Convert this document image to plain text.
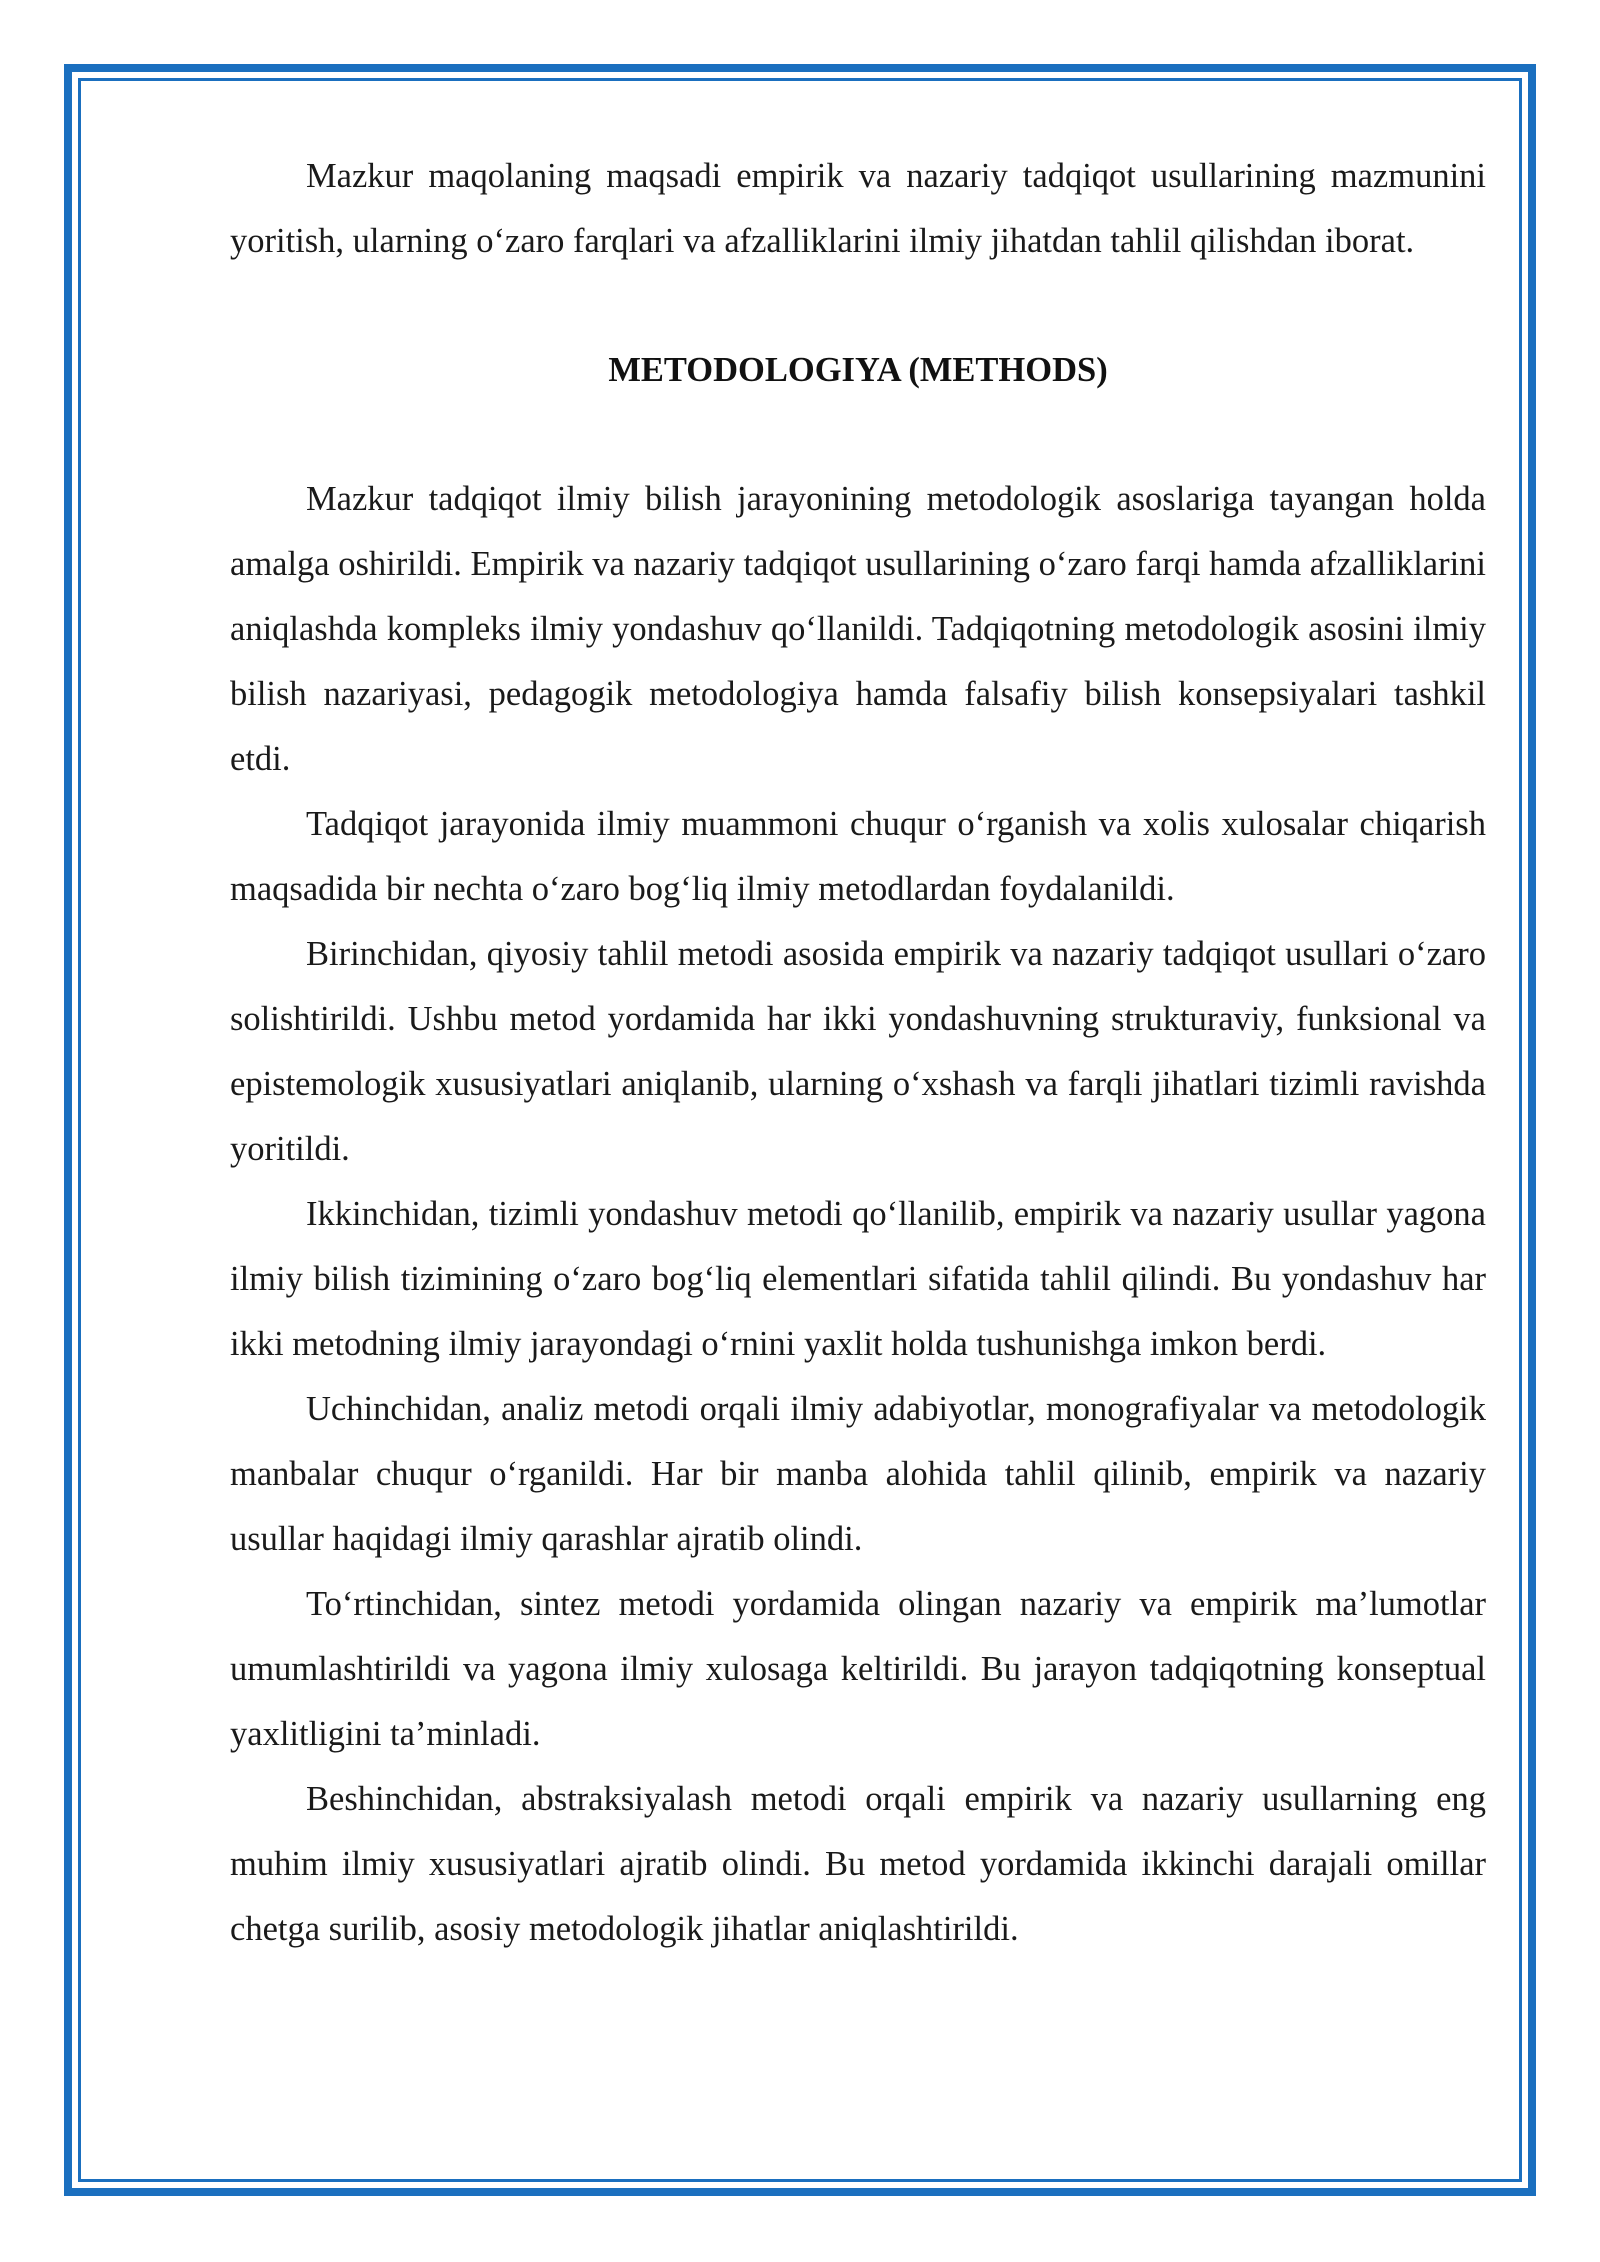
Mazkur maqolaning maqsadi empirik va nazariy tadqiqot usullarining mazmunini yoritish, ularning o‘zaro farqlari va afzalliklarini ilmiy jihatdan tahlil qilishdan iborat.

METODOLOGIYA (METHODS)

Mazkur tadqiqot ilmiy bilish jarayonining metodologik asoslariga tayangan holda amalga oshirildi. Empirik va nazariy tadqiqot usullarining o‘zaro farqi hamda afzalliklarini aniqlashda kompleks ilmiy yondashuv qo‘llanildi. Tadqiqotning metodologik asosini ilmiy bilish nazariyasi, pedagogik metodologiya hamda falsafiy bilish konsepsiyalari tashkil etdi.

Tadqiqot jarayonida ilmiy muammoni chuqur o‘rganish va xolis xulosalar chiqarish maqsadida bir nechta o‘zaro bog‘liq ilmiy metodlardan foydalanildi.

Birinchidan, qiyosiy tahlil metodi asosida empirik va nazariy tadqiqot usullari o‘zaro solishtirildi. Ushbu metod yordamida har ikki yondashuvning strukturaviy, funksional va epistemologik xususiyatlari aniqlanib, ularning o‘xshash va farqli jihatlari tizimli ravishda yoritildi.

Ikkinchidan, tizimli yondashuv metodi qo‘llanilib, empirik va nazariy usullar yagona ilmiy bilish tizimining o‘zaro bog‘liq elementlari sifatida tahlil qilindi. Bu yondashuv har ikki metodning ilmiy jarayondagi o‘rnini yaxlit holda tushunishga imkon berdi.

Uchinchidan, analiz metodi orqali ilmiy adabiyotlar, monografiyalar va metodologik manbalar chuqur o‘rganildi. Har bir manba alohida tahlil qilinib, empirik va nazariy usullar haqidagi ilmiy qarashlar ajratib olindi.

To‘rtinchidan, sintez metodi yordamida olingan nazariy va empirik ma’lumotlar umumlashtirildi va yagona ilmiy xulosaga keltirildi. Bu jarayon tadqiqotning konseptual yaxlitligini ta’minladi.

Beshinchidan, abstraksiyalash metodi orqali empirik va nazariy usullarning eng muhim ilmiy xususiyatlari ajratib olindi. Bu metod yordamida ikkinchi darajali omillar chetga surilib, asosiy metodologik jihatlar aniqlashtirildi.
